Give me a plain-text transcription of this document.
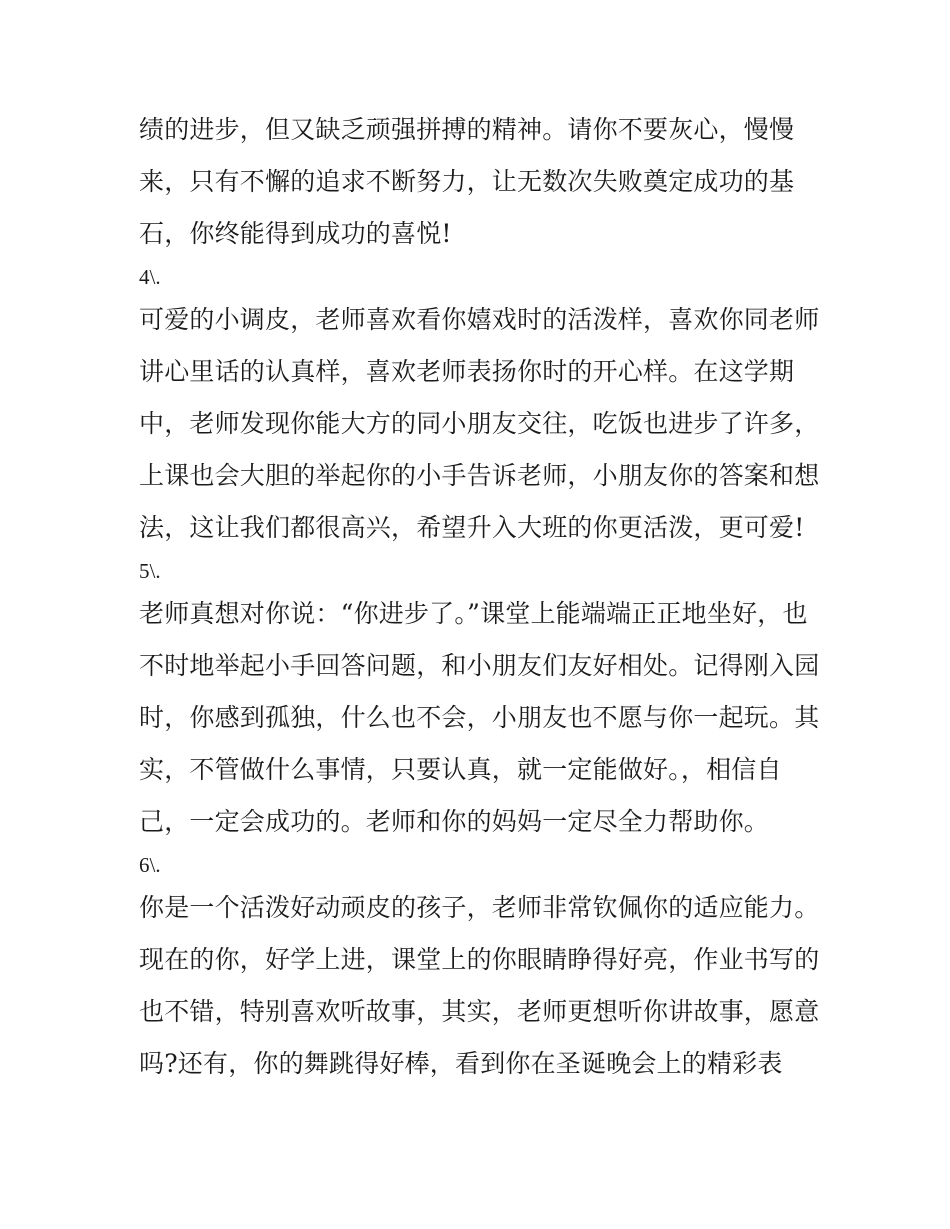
绩的进步，但又缺乏顽强拼搏的精神。请你不要灰心，慢慢
来，只有不懈的追求不断努力，让无数次失败奠定成功的基
石，你终能得到成功的喜悦!
4\.
可爱的小调皮，老师喜欢看你嬉戏时的活泼样，喜欢你同老师
讲心里话的认真样，喜欢老师表扬你时的开心样。在这学期
中，老师发现你能大方的同小朋友交往，吃饭也进步了许多，
上课也会大胆的举起你的小手告诉老师，小朋友你的答案和想
法，这让我们都很高兴，希望升入大班的你更活泼，更可爱!
5\.
老师真想对你说：“你进步了。”课堂上能端端正正地坐好，也
不时地举起小手回答问题，和小朋友们友好相处。记得刚入园
时，你感到孤独，什么也不会，小朋友也不愿与你一起玩。其
实，不管做什么事情，只要认真，就一定能做好。，相信自
己，一定会成功的。老师和你的妈妈一定尽全力帮助你。
6\.
你是一个活泼好动顽皮的孩子，老师非常钦佩你的适应能力。
现在的你，好学上进，课堂上的你眼睛睁得好亮，作业书写的
也不错，特别喜欢听故事，其实，老师更想听你讲故事，愿意
吗?还有，你的舞跳得好棒，看到你在圣诞晚会上的精彩表
